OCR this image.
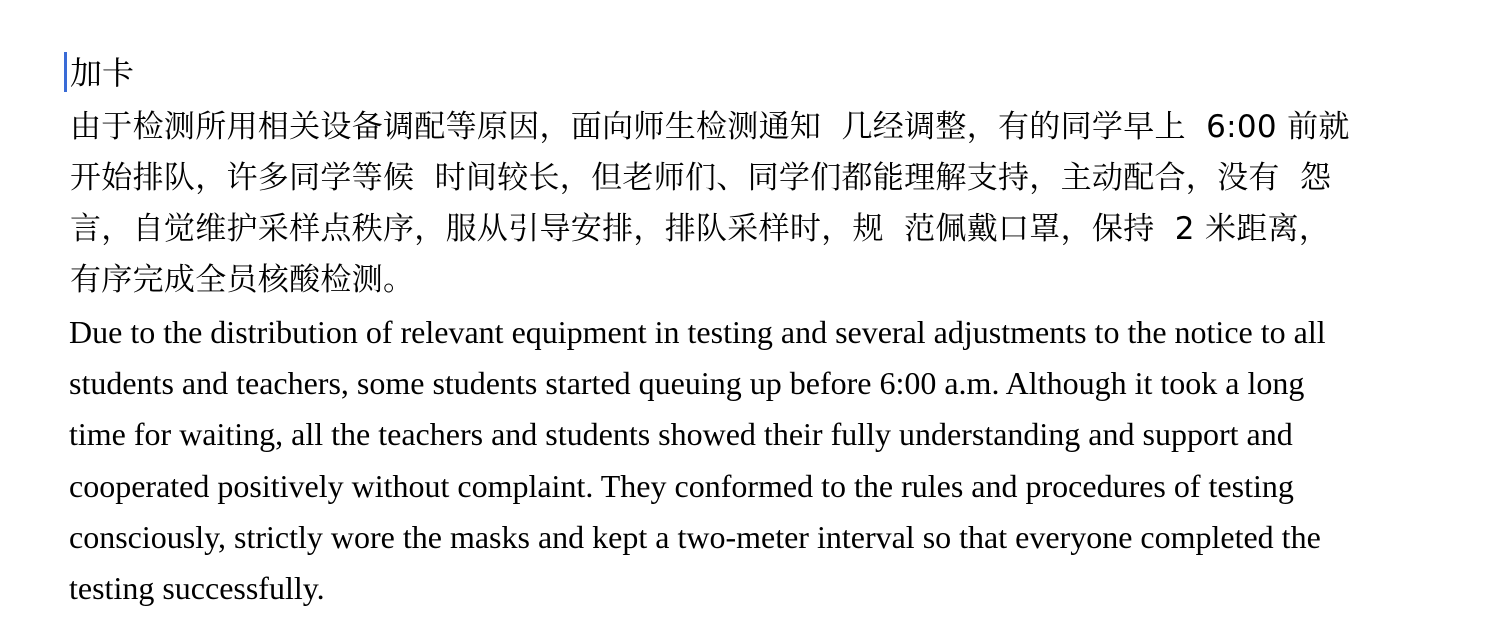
加卡
由于检测所用相关设备调配等原因，面向师生检测通知  几经调整，有的同学早上  6:00 前就
开始排队，许多同学等候  时间较长，但老师们、同学们都能理解支持，主动配合，没有  怨
言，自觉维护采样点秩序，服从引导安排，排队采样时，规  范佩戴口罩，保持  2 米距离，
有序完成全员核酸检测。
Due to the distribution of relevant equipment in testing and several adjustments to the notice to all
students and teachers, some students started queuing up before 6:00 a.m. Although it took a long
time for waiting, all the teachers and students showed their fully understanding and support and
cooperated positively without complaint. They conformed to the rules and procedures of testing
consciously, strictly wore the masks and kept a two-meter interval so that everyone completed the
testing successfully.
